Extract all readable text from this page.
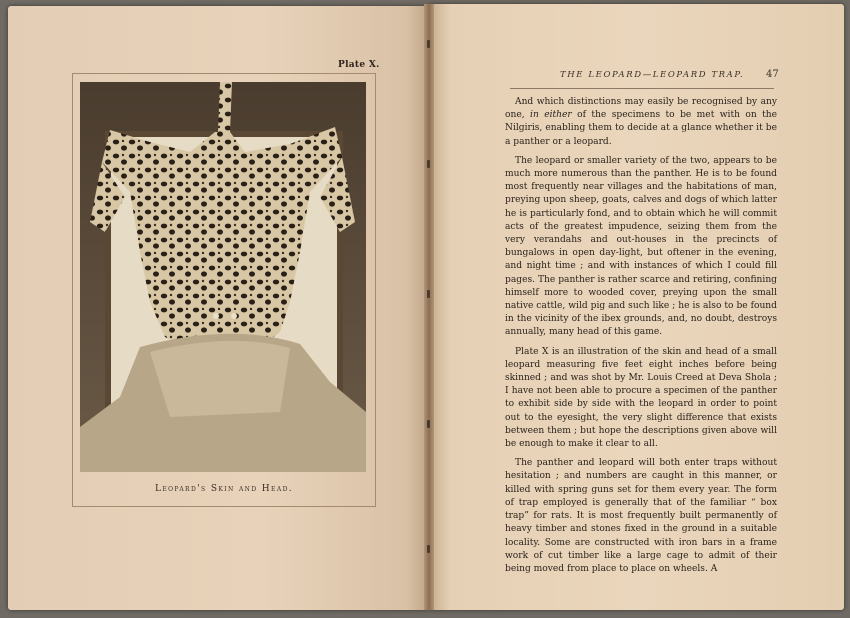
Plate X.
Leopard's Skin and Head.
THE LEOPARD—LEOPARD TRAP. 47

And which distinctions may easily be recognised by any one, in either of the specimens to be met with on the Nilgiris, enabling them to decide at a glance whether it be a panther or a leopard.

The leopard or smaller variety of the two, appears to be much more numerous than the panther. He is to be found most frequently near villages and the habitations of man, preying upon sheep, goats, calves and dogs of which latter he is particularly fond, and to obtain which he will commit acts of the greatest impudence, seizing them from the very verandahs and out-houses in the precincts of bungalows in open day-light, but oftener in the evening, and night time ; and with instances of which I could fill pages. The panther is rather scarce and retiring, confining himself more to wooded cover, preying upon the small native cattle, wild pig and such like ; he is also to be found in the vicinity of the ibex grounds, and, no doubt, destroys annually, many head of this game.

Plate X is an illustration of the skin and head of a small leopard measuring five feet eight inches before being skinned ; and was shot by Mr. Louis Creed at Deva Shola ; I have not been able to procure a specimen of the panther to exhibit side by side with the leopard in order to point out to the eyesight, the very slight difference that exists between them ; but hope the descriptions given above will be enough to make it clear to all.

The panther and leopard will both enter traps without hesitation ; and numbers are caught in this manner, or killed with spring guns set for them every year. The form of trap employed is generally that of the familiar “ box trap” for rats. It is most frequently built permanently of heavy timber and stones fixed in the ground in a suitable locality. Some are constructed with iron bars in a frame work of cut timber like a large cage to admit of their being moved from place to place on wheels. A
